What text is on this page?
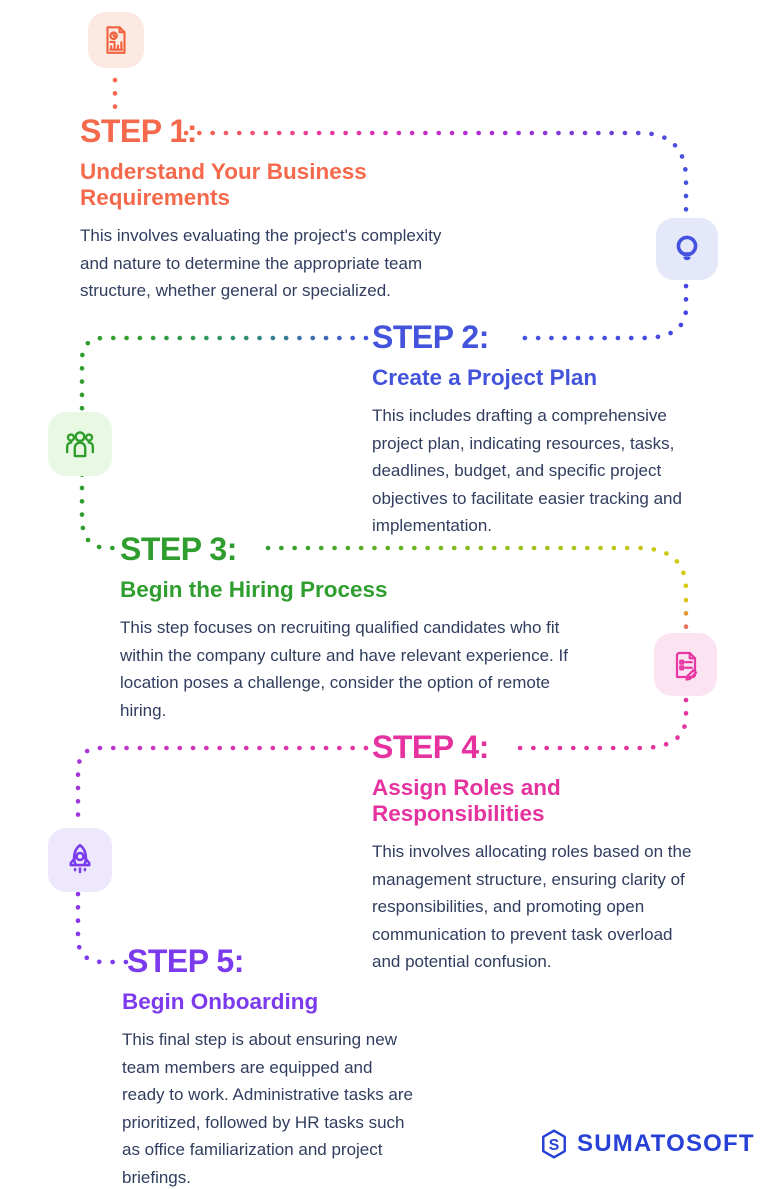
STEP 1:
Understand Your Business Requirements

This involves evaluating the project's complexity and nature to determine the appropriate team structure, whether general or specialized.

STEP 2:
Create a Project Plan

This includes drafting a comprehensive project plan, indicating resources, tasks, deadlines, budget, and specific project objectives to facilitate easier tracking and implementation.

STEP 3:
Begin the Hiring Process

This step focuses on recruiting qualified candidates who fit within the company culture and have relevant experience. If location poses a challenge, consider the option of remote hiring.

STEP 4:
Assign Roles and Responsibilities

This involves allocating roles based on the management structure, ensuring clarity of responsibilities, and promoting open communication to prevent task overload and potential confusion.

STEP 5:
Begin Onboarding

This final step is about ensuring new team members are equipped and ready to work. Administrative tasks are prioritized, followed by HR tasks such as office familiarization and project briefings.

S SUMATOSOFT
